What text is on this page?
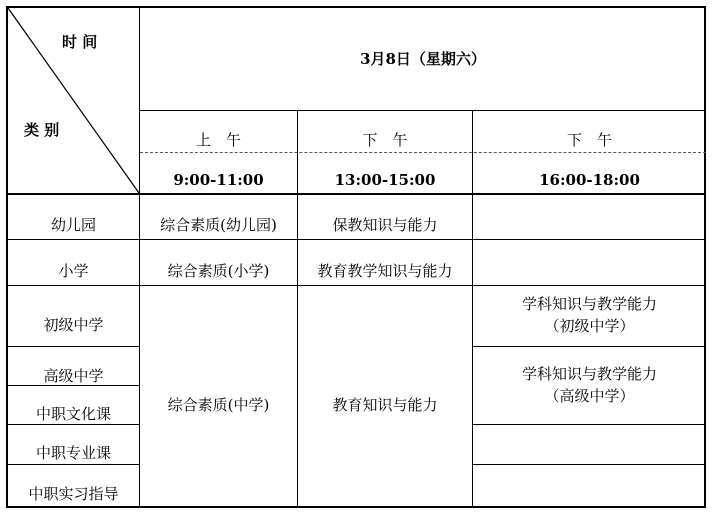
时 间
类 别
3月8日（星期六）
上　午
9:00-11:00
下　午
13:00-15:00
下　午
16:00-18:00
幼儿园
小学
初级中学
高级中学
中职文化课
中职专业课
中职实习指导
综合素质(幼儿园)
综合素质(小学)
综合素质(中学)
保教知识与能力
教育教学知识与能力
教育知识与能力
学科知识与教学能力
（初级中学）
学科知识与教学能力
（高级中学）
